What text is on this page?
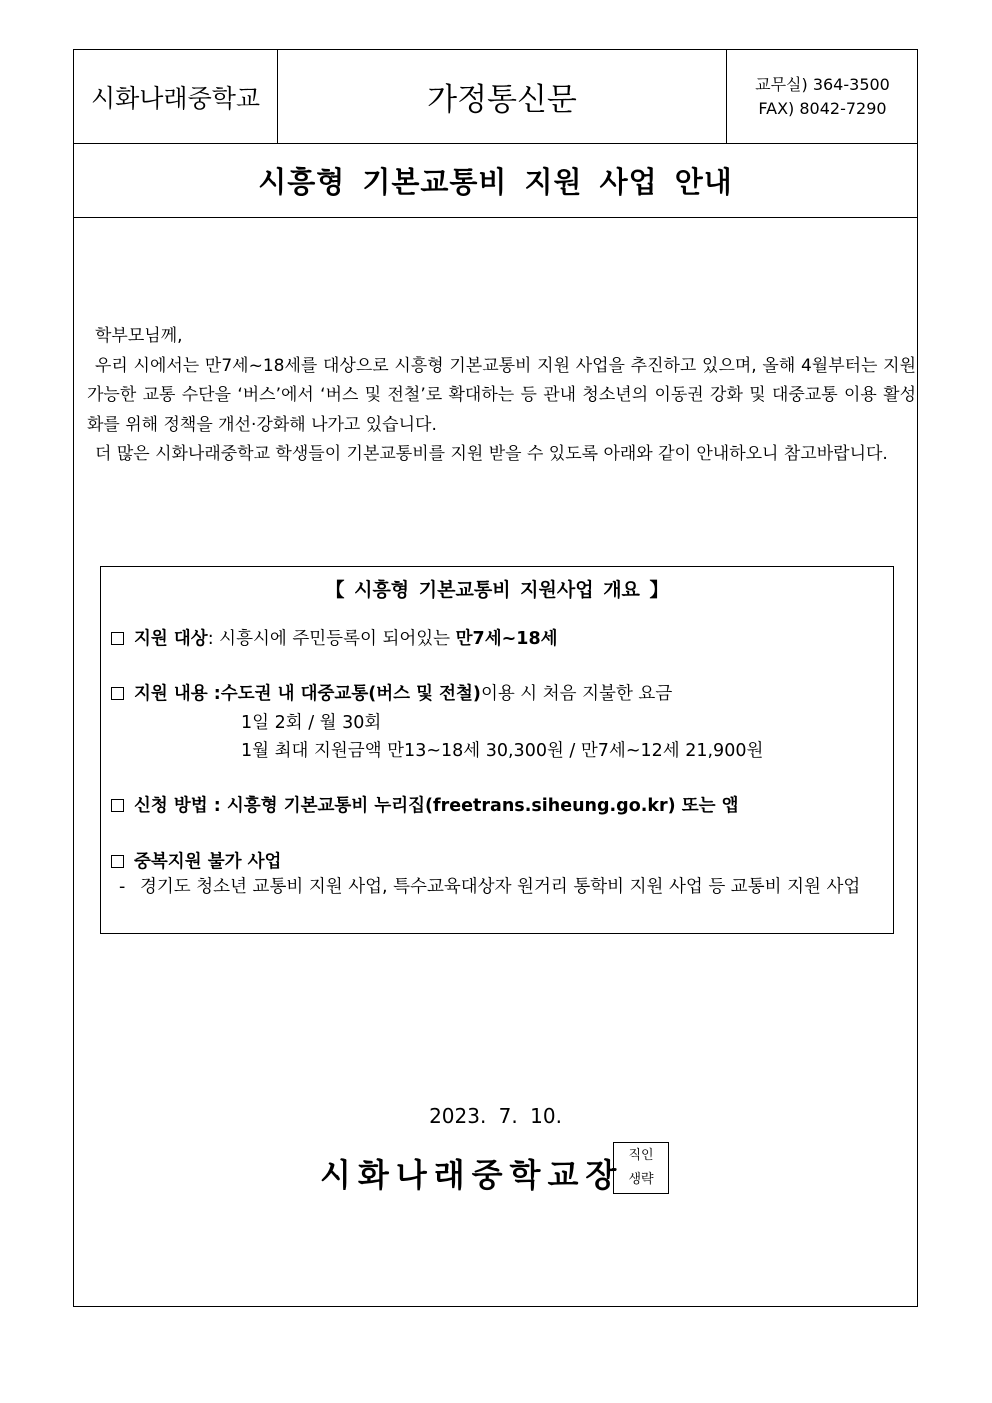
시화나래중학교	가정통신문	교무실) 364-3500
FAX) 8042-7290
시흥형 기본교통비 지원 사업 안내

학부모님께,

우리 시에서는 만7세~18세를 대상으로 시흥형 기본교통비 지원 사업을 추진하고 있으며, 올해 4월부터는 지원 가능한 교통 수단을 ‘버스’에서 ‘버스 및 전철’로 확대하는 등 관내 청소년의 이동권 강화 및 대중교통 이용 활성화를 위해 정책을 개선·강화해 나가고 있습니다.

더 많은 시화나래중학교 학생들이 기본교통비를 지원 받을 수 있도록 아래와 같이 안내하오니 참고바랍니다.

【 시흥형 기본교통비 지원사업 개요 】
지원 대상: 시흥시에 주민등록이 되어있는 만7세~18세
지원 내용 :수도권 내 대중교통(버스 및 전철)이용 시 처음 지불한 요금
1일 2회 / 월 30회
1월 최대 지원금액 만13~18세 30,300원 / 만7세~12세 21,900원
신청 방법 : 시흥형 기본교통비 누리집(freetrans.siheung.go.kr) 또는 앱
중복지원 불가 사업
- 경기도 청소년 교통비 지원 사업, 특수교육대상자 원거리 통학비 지원 사업 등 교통비 지원 사업
2023. 7. 10.
시화나래중학교장
직인
생략
